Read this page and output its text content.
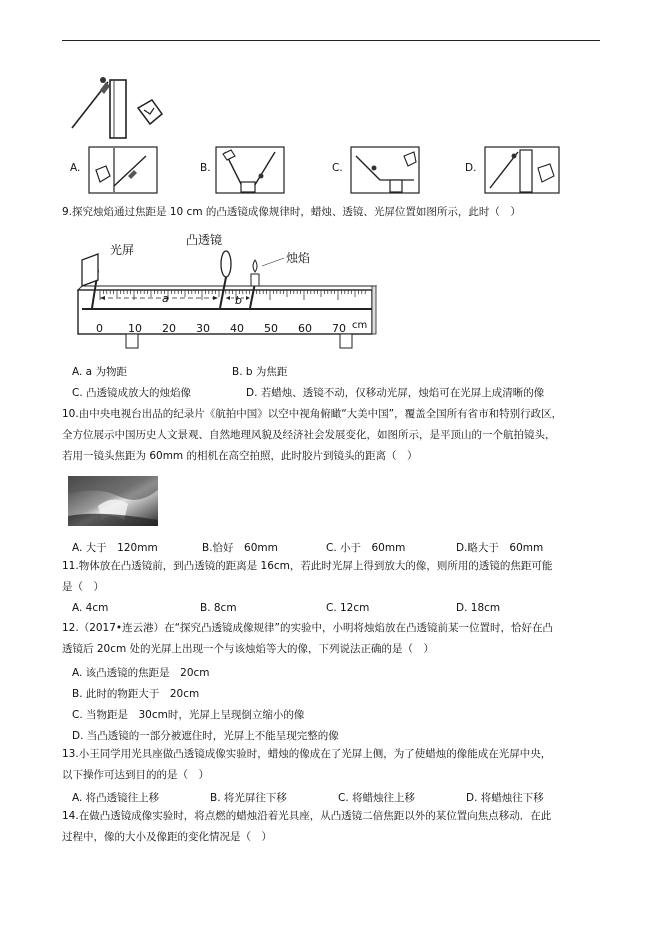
A.	B.	C.	D.
9.探究烛焰通过焦距是 10 cm 的凸透镜成像规律时，蜡烛、透镜、光屏位置如图所示，此时（　）
a	b
光屏
凸透镜
烛焰
0 10 20 30 40 50 60 70 cm
A. a 为物距	B. b 为焦距
C. 凸透镜成放大的烛焰像	D. 若蜡烛、透镜不动，仅移动光屏，烛焰可在光屏上成清晰的像
10.由中央电视台出品的纪录片《航拍中国》以空中视角俯瞰“大美中国”，覆盖全国所有省市和特别行政区，
全方位展示中国历史人文景观、自然地理风貌及经济社会发展变化，如图所示，是平顶山的一个航拍镜头，
若用一镜头焦距为 60mm 的相机在高空拍照，此时胶片到镜头的距离（　）
A. 大于　120mm	B.恰好　60mm	C. 小于　60mm	D.略大于　60mm
11.物体放在凸透镜前，到凸透镜的距离是 16cm，若此时光屏上得到放大的像，则所用的透镜的焦距可能
是（　）
A. 4cm	B. 8cm	C. 12cm	D. 18cm
12.（2017•连云港）在“探究凸透镜成像规律”的实验中，小明将烛焰放在凸透镜前某一位置时，恰好在凸
透镜后 20cm 处的光屏上出现一个与该烛焰等大的像，下列说法正确的是（　）
A. 该凸透镜的焦距是　20cm
B. 此时的物距大于　20cm
C. 当物距是　30cm时，光屏上呈现倒立缩小的像
D. 当凸透镜的一部分被遮住时，光屏上不能呈现完整的像
13.小王同学用光具座做凸透镜成像实验时，蜡烛的像成在了光屏上侧，为了使蜡烛的像能成在光屏中央，
以下操作可达到目的的是（　）
A. 将凸透镜往上移	B. 将光屏往下移	C. 将蜡烛往上移	D. 将蜡烛往下移
14.在做凸透镜成像实验时，将点燃的蜡烛沿着光具座，从凸透镜二倍焦距以外的某位置向焦点移动．在此
过程中，像的大小及像距的变化情况是（　）
